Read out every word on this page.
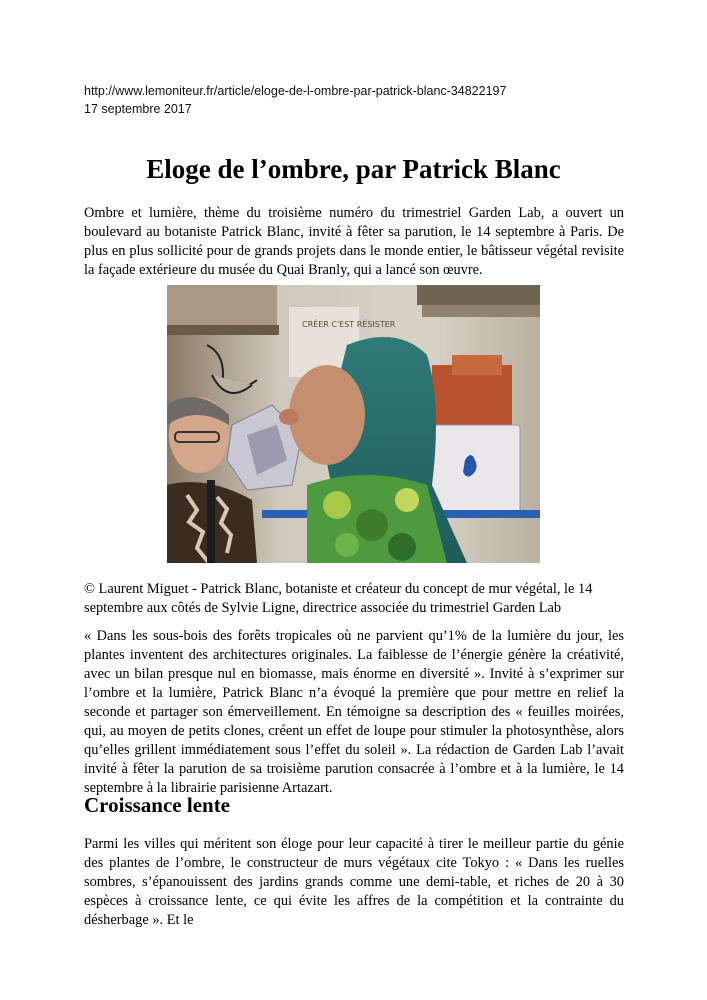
http://www.lemoniteur.fr/article/eloge-de-l-ombre-par-patrick-blanc-34822197
17 septembre 2017
Eloge de l’ombre, par Patrick Blanc

Ombre et lumière, thème du troisième numéro du trimestriel Garden Lab, a ouvert un boulevard au botaniste Patrick Blanc, invité à fêter sa parution, le 14 septembre à Paris. De plus en plus sollicité pour de grands projets dans le monde entier, le bâtisseur végétal revisite la façade extérieure du musée du Quai Branly, qui a lancé son œuvre.

CRÉER C'EST RÉSISTER

© Laurent Miguet - Patrick Blanc, botaniste et créateur du concept de mur végétal, le 14 septembre aux côtés de Sylvie Ligne, directrice associée du trimestriel Garden Lab

« Dans les sous-bois des forêts tropicales où ne parvient qu’1% de la lumière du jour, les plantes inventent des architectures originales. La faiblesse de l’énergie génère la créativité, avec un bilan presque nul en biomasse, mais énorme en diversité ». Invité à s’exprimer sur l’ombre et la lumière, Patrick Blanc n’a évoqué la première que pour mettre en relief la seconde et partager son émerveillement. En témoigne sa description des « feuilles moirées, qui, au moyen de petits clones, créent un effet de loupe pour stimuler la photosynthèse, alors qu’elles grillent immédiatement sous l’effet du soleil ». La rédaction de Garden Lab l’avait invité à fêter la parution de sa troisième parution consacrée à l’ombre et à la lumière, le 14 septembre à la librairie parisienne Artazart.

Croissance lente

Parmi les villes qui méritent son éloge pour leur capacité à tirer le meilleur partie du génie des plantes de l’ombre, le constructeur de murs végétaux cite Tokyo : « Dans les ruelles sombres, s’épanouissent des jardins grands comme une demi-table, et riches de 20 à 30 espèces à croissance lente, ce qui évite les affres de la compétition et la contrainte du désherbage ». Et le
